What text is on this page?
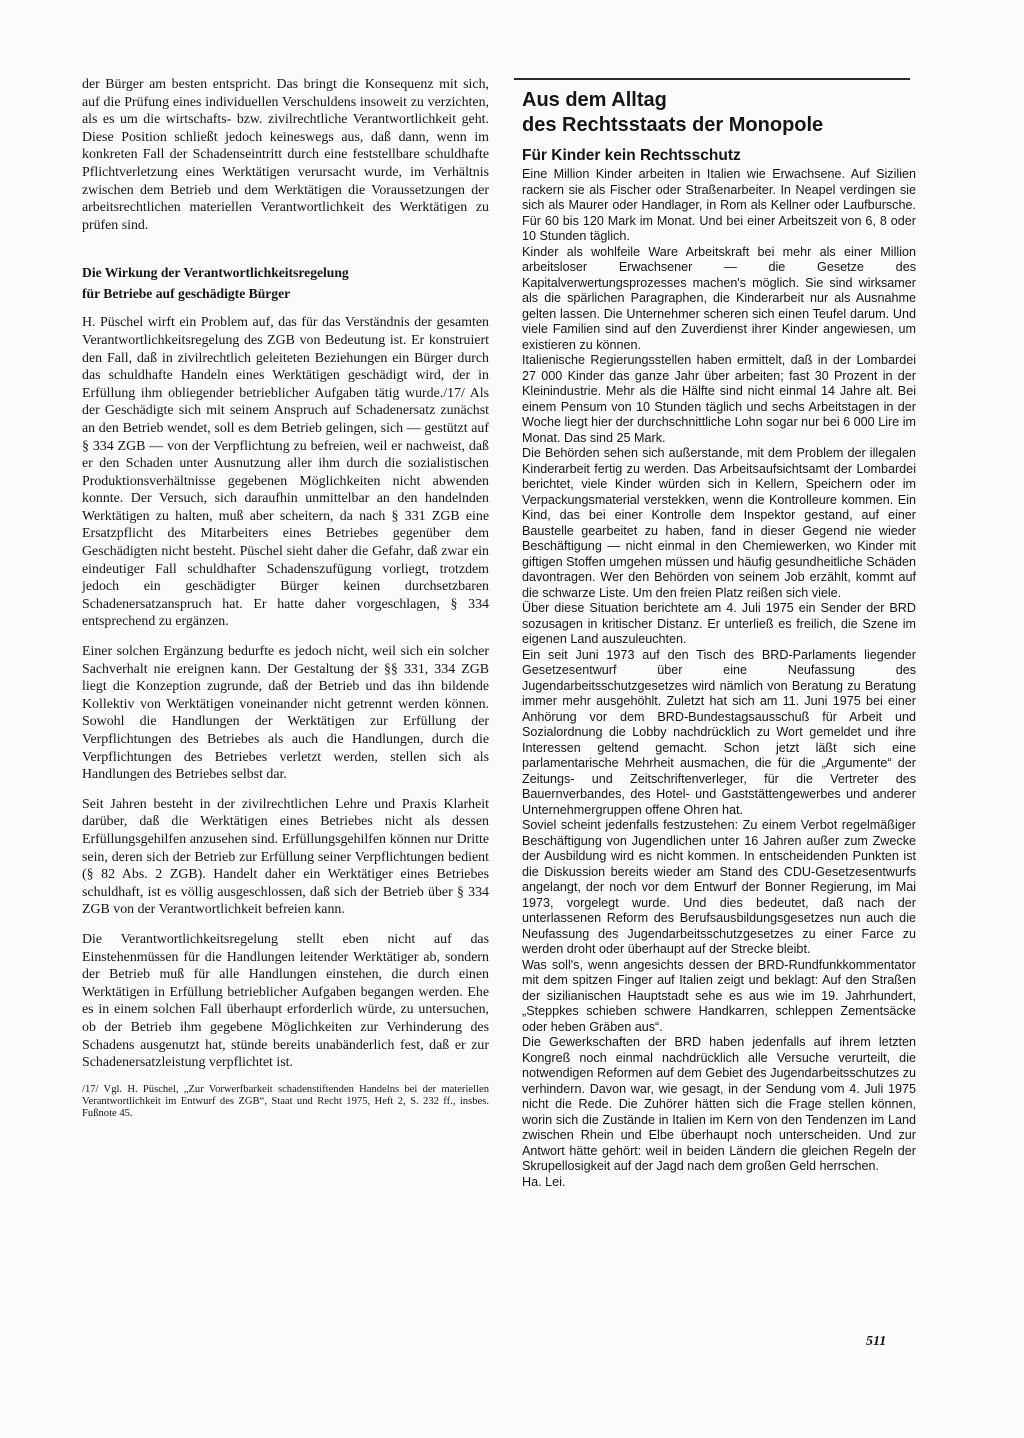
der Bürger am besten entspricht. Das bringt die Konsequenz mit sich, auf die Prüfung eines individuellen Verschuldens insoweit zu verzichten, als es um die wirtschafts- bzw. zivilrechtliche Verantwortlichkeit geht. Diese Position schließt jedoch keineswegs aus, daß dann, wenn im konkreten Fall der Schadenseintritt durch eine feststellbare schuldhafte Pflichtverletzung eines Werktätigen verursacht wurde, im Verhältnis zwischen dem Betrieb und dem Werktätigen die Voraussetzungen der arbeitsrechtlichen materiellen Verantwortlichkeit des Werktätigen zu prüfen sind.

Die Wirkung der Verantwortlichkeitsregelung
für Betriebe auf geschädigte Bürger

H. Püschel wirft ein Problem auf, das für das Verständnis der gesamten Verantwortlichkeitsregelung des ZGB von Bedeutung ist. Er konstruiert den Fall, daß in zivilrechtlich geleiteten Beziehungen ein Bürger durch das schuldhafte Handeln eines Werktätigen geschädigt wird, der in Erfüllung ihm obliegender betrieblicher Aufgaben tätig wurde./17/ Als der Geschädigte sich mit seinem Anspruch auf Schadenersatz zunächst an den Betrieb wendet, soll es dem Betrieb gelingen, sich — gestützt auf § 334 ZGB — von der Verpflichtung zu befreien, weil er nachweist, daß er den Schaden unter Ausnutzung aller ihm durch die sozialistischen Produktionsverhältnisse gegebenen Möglichkeiten nicht abwenden konnte. Der Versuch, sich daraufhin unmittelbar an den handelnden Werktätigen zu halten, muß aber scheitern, da nach § 331 ZGB eine Ersatzpflicht des Mitarbeiters eines Betriebes gegenüber dem Geschädigten nicht besteht. Püschel sieht daher die Gefahr, daß zwar ein eindeutiger Fall schuldhafter Schadenszufügung vorliegt, trotzdem jedoch ein geschädigter Bürger keinen durchsetzbaren Schadenersatzanspruch hat. Er hatte daher vorgeschlagen, § 334 entsprechend zu ergänzen.

Einer solchen Ergänzung bedurfte es jedoch nicht, weil sich ein solcher Sachverhalt nie ereignen kann. Der Gestaltung der §§ 331, 334 ZGB liegt die Konzeption zugrunde, daß der Betrieb und das ihn bildende Kollektiv von Werktätigen voneinander nicht getrennt werden können. Sowohl die Handlungen der Werktätigen zur Erfüllung der Verpflichtungen des Betriebes als auch die Handlungen, durch die Verpflichtungen des Betriebes verletzt werden, stellen sich als Handlungen des Betriebes selbst dar.

Seit Jahren besteht in der zivilrechtlichen Lehre und Praxis Klarheit darüber, daß die Werktätigen eines Betriebes nicht als dessen Erfüllungsgehilfen anzusehen sind. Erfüllungsgehilfen können nur Dritte sein, deren sich der Betrieb zur Erfüllung seiner Verpflichtungen bedient (§ 82 Abs. 2 ZGB). Handelt daher ein Werktätiger eines Betriebes schuldhaft, ist es völlig ausgeschlossen, daß sich der Betrieb über § 334 ZGB von der Verantwortlichkeit befreien kann.

Die Verantwortlichkeitsregelung stellt eben nicht auf das Einstehenmüssen für die Handlungen leitender Werktätiger ab, sondern der Betrieb muß für alle Handlungen einstehen, die durch einen Werktätigen in Erfüllung betrieblicher Aufgaben begangen werden. Ehe es in einem solchen Fall überhaupt erforderlich würde, zu untersuchen, ob der Betrieb ihm gegebene Möglichkeiten zur Verhinderung des Schadens ausgenutzt hat, stünde bereits unabänderlich fest, daß er zur Schadenersatzleistung verpflichtet ist.

/17/ Vgl. H. Püschel, „Zur Vorwerfbarkeit schadenstiftenden Handelns bei der materiellen Verantwortlichkeit im Entwurf des ZGB“, Staat und Recht 1975, Heft 2, S. 232 ff., insbes. Fußnote 45.

Aus dem Alltag
des Rechtsstaats der Monopole
Für Kinder kein Rechtsschutz

Eine Million Kinder arbeiten in Italien wie Erwachsene. Auf Sizilien rackern sie als Fischer oder Straßenarbeiter. In Neapel verdingen sie sich als Maurer oder Handlager, in Rom als Kellner oder Laufbursche. Für 60 bis 120 Mark im Monat. Und bei einer Arbeitszeit von 6, 8 oder 10 Stunden täglich.

Kinder als wohlfeile Ware Arbeitskraft bei mehr als einer Million arbeitsloser Erwachsener — die Gesetze des Kapitalverwertungsprozesses machen's möglich. Sie sind wirksamer als die spärlichen Paragraphen, die Kinderarbeit nur als Ausnahme gelten lassen. Die Unternehmer scheren sich einen Teufel darum. Und viele Familien sind auf den Zuverdienst ihrer Kinder angewiesen, um existieren zu können.

Italienische Regierungsstellen haben ermittelt, daß in der Lombardei 27 000 Kinder das ganze Jahr über arbeiten; fast 30 Prozent in der Kleinindustrie. Mehr als die Hälfte sind nicht einmal 14 Jahre alt. Bei einem Pensum von 10 Stunden täglich und sechs Arbeitstagen in der Woche liegt hier der durchschnittliche Lohn sogar nur bei 6 000 Lire im Monat. Das sind 25 Mark.

Die Behörden sehen sich außerstande, mit dem Problem der illegalen Kinderarbeit fertig zu werden. Das Arbeitsaufsichtsamt der Lombardei berichtet, viele Kinder würden sich in Kellern, Speichern oder im Verpackungsmaterial verstekken, wenn die Kontrolleure kommen. Ein Kind, das bei einer Kontrolle dem Inspektor gestand, auf einer Baustelle gearbeitet zu haben, fand in dieser Gegend nie wieder Beschäftigung — nicht einmal in den Chemiewerken, wo Kinder mit giftigen Stoffen umgehen müssen und häufig gesundheitliche Schäden davontragen. Wer den Behörden von seinem Job erzählt, kommt auf die schwarze Liste. Um den freien Platz reißen sich viele.

Über diese Situation berichtete am 4. Juli 1975 ein Sender der BRD sozusagen in kritischer Distanz. Er unterließ es freilich, die Szene im eigenen Land auszuleuchten.

Ein seit Juni 1973 auf den Tisch des BRD-Parlaments liegender Gesetzesentwurf über eine Neufassung des Jugendarbeitsschutzgesetzes wird nämlich von Beratung zu Beratung immer mehr ausgehöhlt. Zuletzt hat sich am 11. Juni 1975 bei einer Anhörung vor dem BRD-Bundestagsausschuß für Arbeit und Sozialordnung die Lobby nachdrücklich zu Wort gemeldet und ihre Interessen geltend gemacht. Schon jetzt läßt sich eine parlamentarische Mehrheit ausmachen, die für die „Argumente“ der Zeitungs- und Zeitschriftenverleger, für die Vertreter des Bauernverbandes, des Hotel- und Gaststättengewerbes und anderer Unternehmergruppen offene Ohren hat.

Soviel scheint jedenfalls festzustehen: Zu einem Verbot regelmäßiger Beschäftigung von Jugendlichen unter 16 Jahren außer zum Zwecke der Ausbildung wird es nicht kommen. In entscheidenden Punkten ist die Diskussion bereits wieder am Stand des CDU-Gesetzesentwurfs angelangt, der noch vor dem Entwurf der Bonner Regierung, im Mai 1973, vorgelegt wurde. Und dies bedeutet, daß nach der unterlassenen Reform des Berufsausbildungsgesetzes nun auch die Neufassung des Jugendarbeitsschutzgesetzes zu einer Farce zu werden droht oder überhaupt auf der Strecke bleibt.

Was soll's, wenn angesichts dessen der BRD-Rundfunkkommentator mit dem spitzen Finger auf Italien zeigt und beklagt: Auf den Straßen der sizilianischen Hauptstadt sehe es aus wie im 19. Jahrhundert, „Steppkes schieben schwere Handkarren, schleppen Zementsäcke oder heben Gräben aus“.

Die Gewerkschaften der BRD haben jedenfalls auf ihrem letzten Kongreß noch einmal nachdrücklich alle Versuche verurteilt, die notwendigen Reformen auf dem Gebiet des Jugendarbeitsschutzes zu verhindern. Davon war, wie gesagt, in der Sendung vom 4. Juli 1975 nicht die Rede. Die Zuhörer hätten sich die Frage stellen können, worin sich die Zustände in Italien im Kern von den Tendenzen im Land zwischen Rhein und Elbe überhaupt noch unterscheiden. Und zur Antwort hätte gehört: weil in beiden Ländern die gleichen Regeln der Skrupellosigkeit auf der Jagd nach dem großen Geld herrschen.

Ha. Lei.

511
